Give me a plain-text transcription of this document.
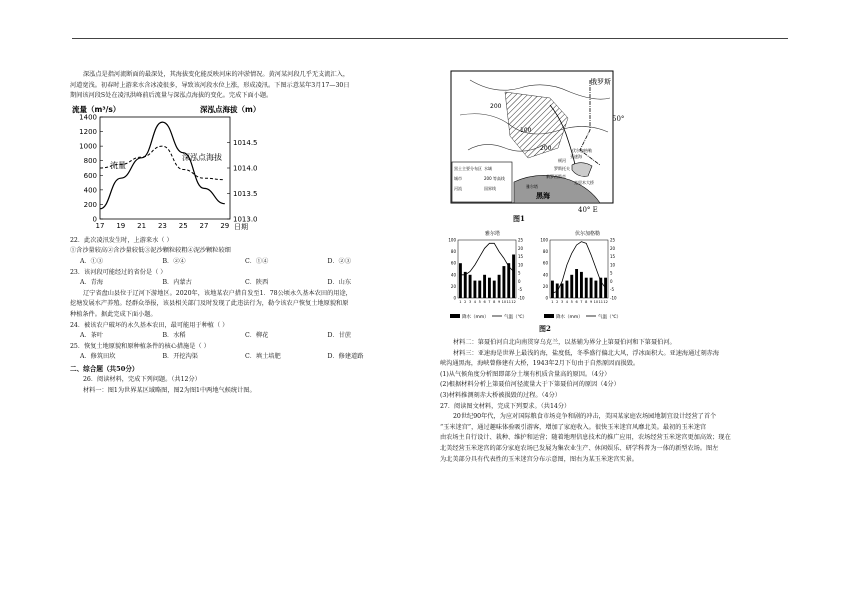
深泓点是指河流断面的最深处，其海拔变化能反映河床的冲淤情况。黄河某河段几乎无支流汇入，

河道宽浅。初春时上游来水含冰凌很多，导致该河段水位上涨，形成凌汛。下图示意某年3月17—30日

期间该河段S处在凌汛洪峰前后流量与深泓点海拔的变化。完成下面小题。

流量（m³/s）	深泓点海拔（m）
1400
1200
1000
800
600
400
200
0
1014.5
1014.0
1013.5
1013.0
17 19 21 23 25 27 29
流量
深泓点海拔
日期

22．此次凌汛发生时，上游来水（ ）

①含沙量较高②含沙量较低③泥沙颗粒较粗④泥沙颗粒较细

A．①③	B．②④	C．①④	D．②③

23．该河段可能经过的省份是（ ）

A．青海	B．内蒙古	C．陕西	D．山东

辽宁省盘山县位于辽河下游地区。2020年，该地某农户措自发至1．78公顷永久基本农田的用途，

挖塘发展水产养殖。经群众举报，该县相关部门及时发现了此违法行为，勒令该农户恢复土地原貌和原

种植条件。据此完成下面小题。

24．被该农户破坏的永久基本农田，最可能用于种植（ ）

A．茶叶	B．水稻	C．柳花	D．甘蔗

25．恢复土地原貌和原种植条件的核心措施是（ ）

A．修筑田坎	B．开挖沟渠	C．填土培肥	D．修建道路

二、综合题（共50分）

26．阅读材料，完成下列问题。（共12分）

材料一：图1为世界某区域略图，图2为图1中两地气候统计图。

俄罗斯
黑土主要分布区 水域
城市	200 等高线
河流	国界线
200
100
200	伏尔加格勒
顿河
罗斯托夫
新罗西斯克
亚速海
雅尔塔
克里木大桥
黑海
50°
40° E
图1
雅尔塔	伏尔加格勒
100
80
60
40
20
0
25
20
15
10
5
0
-5
-10
1 2 3 4 5 6 7 8 9 10 11 12
100
80
60
40
20
0
25
20
15
10
5
0
-5
-10
1 2 3 4 5 6 7 8 9 10 11 12
降水（mm）	气温（℃）	降水（mm）	气温（℃）
图2

材料二：第聂伯河自北向南贯穿乌克兰，以基辅为界分上第聂伯河和下第聂伯河。

材料三：亚速海是世界上最浅的海，盐度低，冬季盛行偏北大风，浮冰面积大。亚速海通过刻赤海

峡沟通黑海，海峡曾修建有大桥，1943年2月下旬由于自然原因而损毁。

(1)从气候角度分析图即部分土壤有机质含量高的原因。（4分）

(2)根据材料分析上第聂伯河径流量大于下第聂伯河的原因（4分）

(3)材料推测刻赤大桥被损毁的过程。（4分）

27．阅读图文材料，完成下列要求。（共14分）

20世纪90年代，为应对国际粮食市场竞争和剧的冲击，美国某家庭农场园地制宜设计经营了首个

“玉米迷宫”，通过趣味体验吸引游客，增加了家庭收入。很快玉米迷宫风靡北美。最初的玉米迷宫

由农场主自行设计、栽种、维护和运营；随着地理信息技术的推广应用，农场经营玉米迷宫更加高效；现在

北美经营玉米迷宫的部分家庭农场已发展为集农业生产、休闲娱乐、研学科普为一体的新型农场。图左

为北美部分具有代表性的玉米迷宫分布示意图，图右为某玉米迷宫实景。
